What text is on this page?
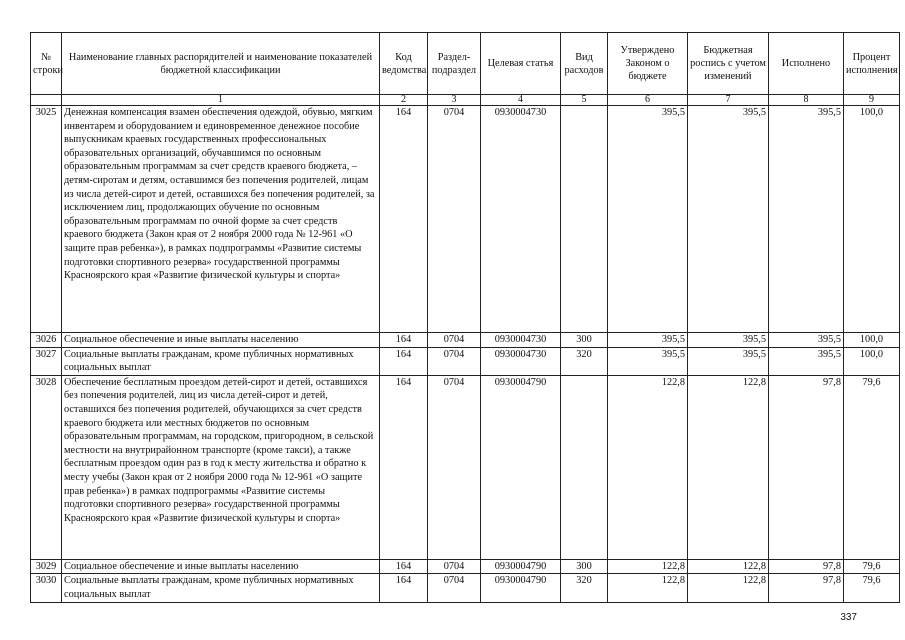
№ строки	Наименование главных распорядителей и наименование показателей бюджетной классификации	Код ведомства	Раздел-подраздел	Целевая статья	Вид расходов	Утверждено Законом о бюджете	Бюджетная роспись с учетом изменений	Исполнено	Процент исполнения
	1	2	3	4	5	6	7	8	9
3025	Денежная компенсация взамен обеспечения одеждой, обувью, мягким инвентарем и оборудованием и единовременное денежное пособие выпускникам краевых государственных профессиональных образовательных организаций, обучавшимся по основным образовательным программам за счет средств краевого бюджета, – детям-сиротам и детям, оставшимся без попечения родителей, лицам из числа детей-сирот и детей, оставшихся без попечения родителей, за исключением лиц, продолжающих обучение по основным образовательным программам по очной форме за счет средств краевого бюджета (Закон края от 2 ноября 2000 года № 12-961 «О защите прав ребенка»), в рамках подпрограммы «Развитие системы подготовки спортивного резерва» государственной программы Красноярского края «Развитие физической культуры и спорта»	164	0704	0930004730		395,5	395,5	395,5	100,0
3026	Социальное обеспечение и иные выплаты населению	164	0704	0930004730	300	395,5	395,5	395,5	100,0
3027	Социальные выплаты гражданам, кроме публичных нормативных социальных выплат	164	0704	0930004730	320	395,5	395,5	395,5	100,0
3028	Обеспечение бесплатным проездом детей-сирот и детей, оставшихся без попечения родителей, лиц из числа детей-сирот и детей, оставшихся без попечения родителей, обучающихся за счет средств краевого бюджета или местных бюджетов по основным образовательным программам, на городском, пригородном, в сельской местности на внутрирайонном транспорте (кроме такси), а также бесплатным проездом один раз в год к месту жительства и обратно к месту учебы (Закон края от 2 ноября 2000 года № 12-961 «О защите прав ребенка») в рамках подпрограммы «Развитие системы подготовки спортивного резерва» государственной программы Красноярского края «Развитие физической культуры и спорта»	164	0704	0930004790		122,8	122,8	97,8	79,6
3029	Социальное обеспечение и иные выплаты населению	164	0704	0930004790	300	122,8	122,8	97,8	79,6
3030	Социальные выплаты гражданам, кроме публичных нормативных социальных выплат	164	0704	0930004790	320	122,8	122,8	97,8	79,6
337
